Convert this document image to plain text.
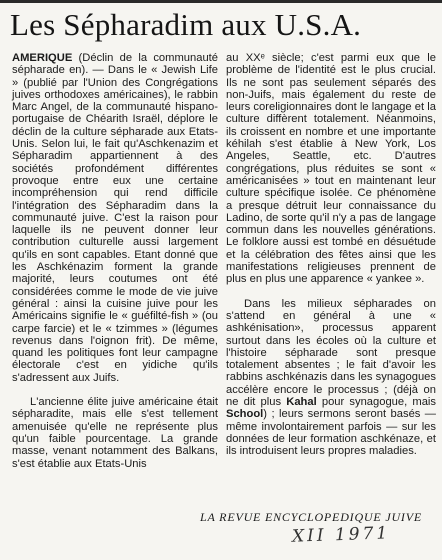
Les Sépharadim aux U.S.A.

AMERIQUE (Déclin de la communauté sépharade en). — Dans le « Jewish Life » (publié par l'Union des Congrégations juives orthodoxes américaines), le rabbin Marc Angel, de la communauté hispano-portugaise de Chéarith Israël, déplore le déclin de la culture sépharade aux Etats-Unis. Selon lui, le fait qu'Aschkenazim et Sépharadim appartiennent à des sociétés profondément différentes provoque entre eux une certaine incompréhension qui rend difficile l'intégration des Sépharadim dans la communauté juive. C'est la raison pour laquelle ils ne peuvent donner leur contribution culturelle aussi largement qu'ils en sont capables. Etant donné que les Aschkénazim forment la grande majorité, leurs coutumes ont été considérées comme le mode de vie juive général : ainsi la cuisine juive pour les Américains signifie le « guéfilté-fish » (ou carpe farcie) et le « tzimmes » (légumes revenus dans l'oignon frit). De même, quand les politiques font leur campagne électorale c'est en yidiche qu'ils s'adressent aux Juifs.

L'ancienne élite juive américaine était sépharadite, mais elle s'est tellement amenuisée qu'elle ne représente plus qu'un faible pourcentage. La grande masse, venant notamment des Balkans, s'est établie aux Etats-Unis

au XXᵉ siècle; c'est parmi eux que le problème de l'identité est le plus crucial. Ils ne sont pas seulement séparés des non-Juifs, mais également du reste de leurs coreligionnaires dont le langage et la culture diffèrent totalement. Néanmoins, ils croissent en nombre et une importante kéhilah s'est établie à New York, Los Angeles, Seattle, etc. D'autres congrégations, plus réduites se sont « américanisées » tout en maintenant leur culture spécifique isolée. Ce phénomène a presque détruit leur connaissance du Ladino, de sorte qu'il n'y a pas de langage commun dans les nouvelles générations. Le folklore aussi est tombé en désuétude et la célébration des fêtes ainsi que les manifestations religieuses prennent de plus en plus une apparence « yankee ».

Dans les milieux sépharades on s'attend en général à une « ashkénisation», processus apparent surtout dans les écoles où la culture et l'histoire sépharade sont presque totalement absentes ; le fait d'avoir les rabbins aschkénazis dans les synagogues accélère encore le processus ; (déjà on ne dit plus Kahal pour synagogue, mais School) ; leurs sermons seront basés — même involontairement parfois — sur les données de leur formation aschkénaze, et ils introduisent leurs propres maladies.

LA REVUE ENCYCLOPEDIQUE JUIVE
XII 1971
